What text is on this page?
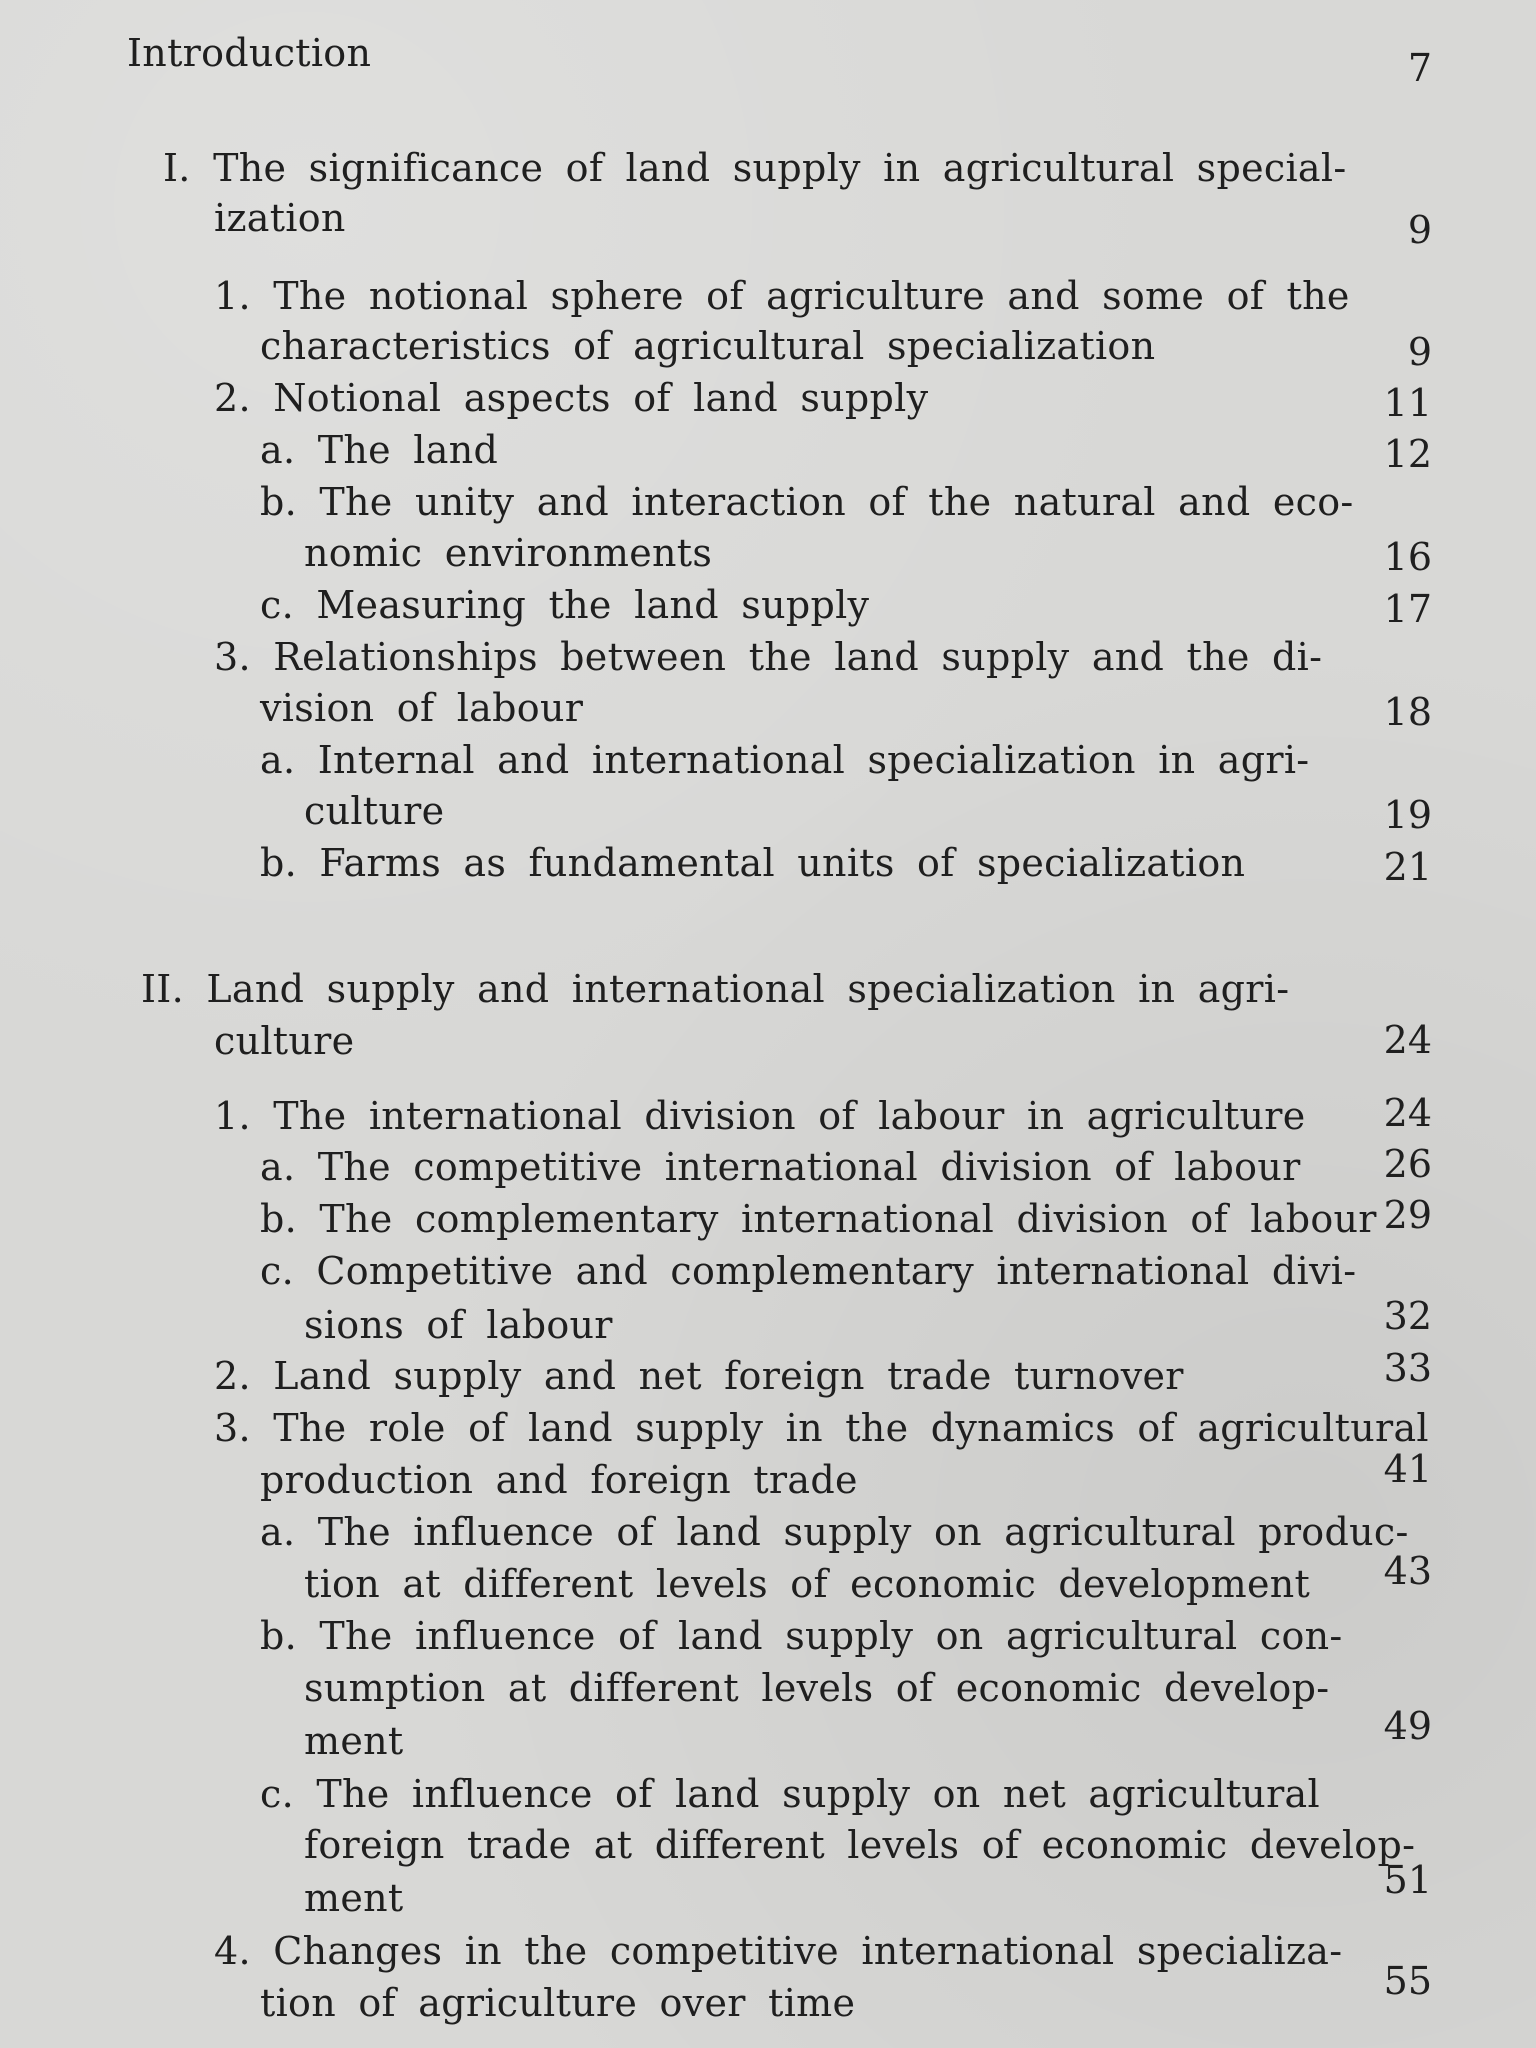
Introduction	7
I. The significance of land supply in agricultural special-
ization	9
1. The notional sphere of agriculture and some of the
characteristics of agricultural specialization	9
2. Notional aspects of land supply	11
a. The land	12
b. The unity and interaction of the natural and eco-
nomic environments	16
c. Measuring the land supply	17
3. Relationships between the land supply and the di-
vision of labour	18
a. Internal and international specialization in agri-
culture	19
b. Farms as fundamental units of specialization	21
II. Land supply and international specialization in agri-
culture	24
1. The international division of labour in agriculture	24
a. The competitive international division of labour	26
b. The complementary international division of labour 29
c. Competitive and complementary international divi-
sions of labour	32
2. Land supply and net foreign trade turnover	33
3. The role of land supply in the dynamics of agricultural
production and foreign trade	41
a. The influence of land supply on agricultural produc-
tion at different levels of economic development	43
b. The influence of land supply on agricultural con-
sumption at different levels of economic develop-
ment	49
c. The influence of land supply on net agricultural
foreign trade at different levels of economic develop-
ment	51
4. Changes in the competitive international specializa-
tion of agriculture over time	55
